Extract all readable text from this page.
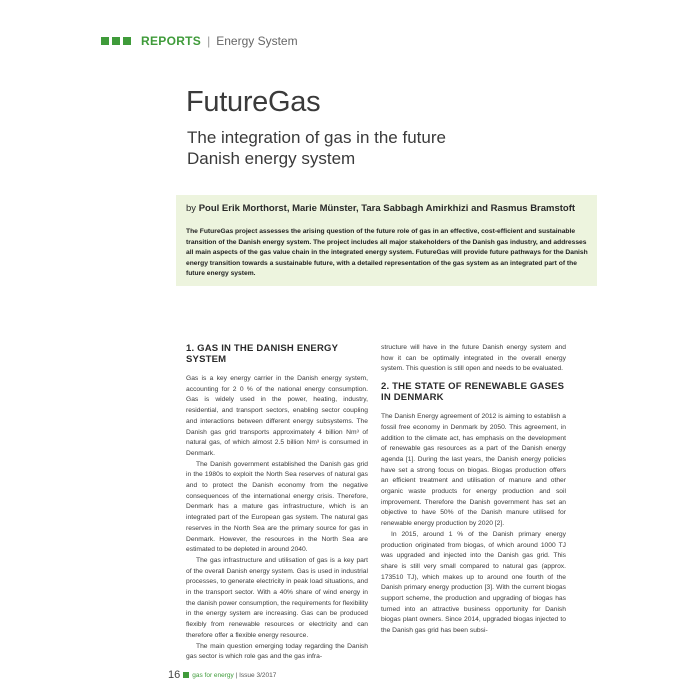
REPORTS | Energy System
FutureGas
The integration of gas in the future
Danish energy system
by Poul Erik Morthorst, Marie Münster, Tara Sabbagh Amirkhizi and Rasmus Bramstoft

The FutureGas project assesses the arising question of the future role of gas in an effective, cost-efficient and sustainable transition of the Danish energy system. The project includes all major stakeholders of the Danish gas industry, and addresses all main aspects of the gas value chain in the integrated energy system. FutureGas will provide future pathways for the Danish energy transition towards a sustainable future, with a detailed representation of the gas system as an integrated part of the future energy system.

1. GAS IN THE DANISH ENERGY SYSTEM

Gas is a key energy carrier in the Danish energy system, accounting for 2 0 % of the national energy consumption. Gas is widely used in the power, heating, industry, residential, and transport sectors, enabling sector coupling and interactions between different energy subsystems. The Danish gas grid transports approximately 4 billion Nm³ of natural gas, of which almost 2.5 billion Nm³ is consumed in Denmark.

The Danish government established the Danish gas grid in the 1980s to exploit the North Sea reserves of natural gas and to protect the Danish economy from the negative consequences of the international energy crisis. Therefore, Denmark has a mature gas infrastructure, which is an integrated part of the European gas system. The natural gas reserves in the North Sea are the primary source for gas in Denmark. However, the resources in the North Sea are estimated to be depleted in around 2040.

The gas infrastructure and utilisation of gas is a key part of the overall Danish energy system. Gas is used in industrial processes, to generate electricity in peak load situations, and in the transport sector. With a 40% share of wind energy in the danish power consumption, the requirements for flexibility in the energy system are increasing. Gas can be produced flexibly from renewable resources or electricity and can therefore offer a flexible energy resource.

The main question emerging today regarding the Danish gas sector is which role gas and the gas infra-

structure will have in the future Danish energy system and how it can be optimally integrated in the overall energy system. This question is still open and needs to be evaluated.

2. THE STATE OF RENEWABLE GASES IN DENMARK

The Danish Energy agreement of 2012 is aiming to establish a fossil free economy in Denmark by 2050. This agreement, in addition to the climate act, has emphasis on the development of renewable gas resources as a part of the Danish energy agenda [1]. During the last years, the Danish energy policies have set a strong focus on biogas. Biogas production offers an efficient treatment and utilisation of manure and other organic waste products for energy production and soil improvement. Therefore the Danish government has set an objective to have 50% of the Danish manure utilised for renewable energy production by 2020 [2].

In 2015, around 1 % of the Danish primary energy production originated from biogas, of which around 1000 TJ was upgraded and injected into the Danish gas grid. This share is still very small compared to natural gas (approx. 173510 TJ), which makes up to around one fourth of the Danish primary energy production [3]. With the current biogas support scheme, the production and upgrading of biogas has turned into an attractive business opportunity for Danish biogas plant owners. Since 2014, upgraded biogas injected to the Danish gas grid has been subsi-

16 gas for energy | Issue 3/2017
